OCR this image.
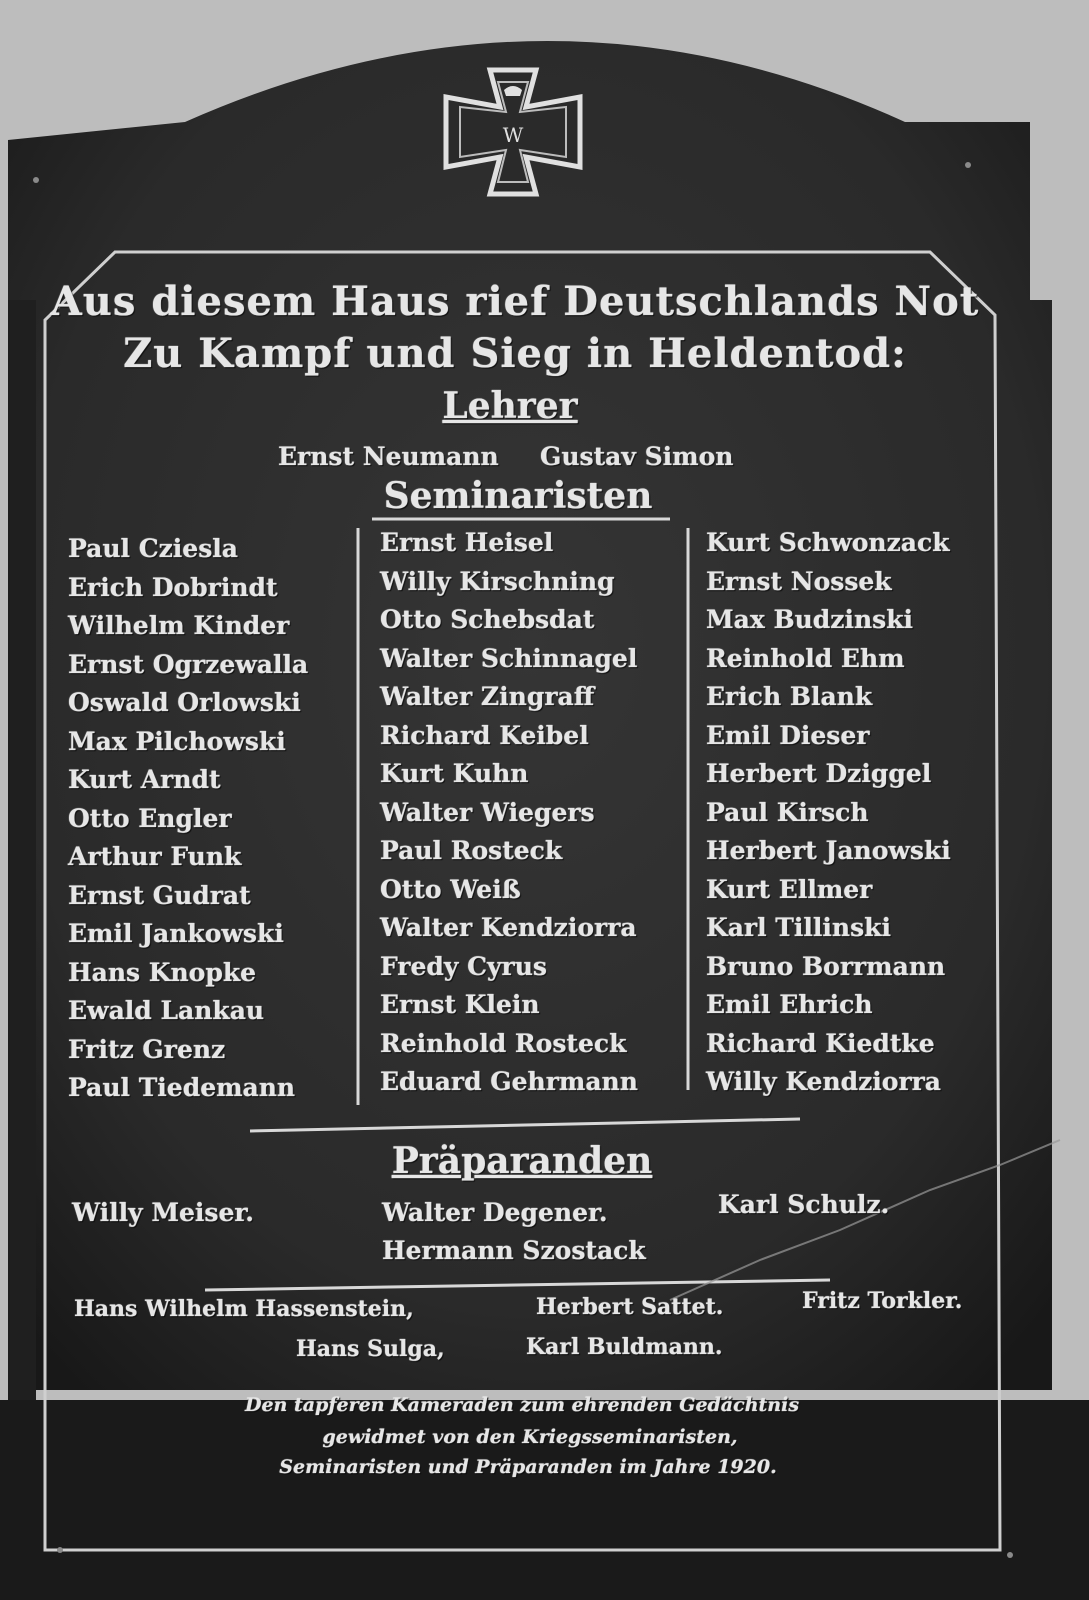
W
Aus diesem Haus rief Deutschlands Not
Zu Kampf und Sieg in Heldentod:
Lehrer
Ernst Neumann Gustav Simon
Seminaristen
Paul Cziesla
Erich Dobrindt
Wilhelm Kinder
Ernst Ogrzewalla
Oswald Orlowski
Max Pilchowski
Kurt Arndt
Otto Engler
Arthur Funk
Ernst Gudrat
Emil Jankowski
Hans Knopke
Ewald Lankau
Fritz Grenz
Paul Tiedemann
Ernst Heisel
Willy Kirschning
Otto Schebsdat
Walter Schinnagel
Walter Zingraff
Richard Keibel
Kurt Kuhn
Walter Wiegers
Paul Rosteck
Otto Weiß
Walter Kendziorra
Fredy Cyrus
Ernst Klein
Reinhold Rosteck
Eduard Gehrmann
Kurt Schwonzack
Ernst Nossek
Max Budzinski
Reinhold Ehm
Erich Blank
Emil Dieser
Herbert Dziggel
Paul Kirsch
Herbert Janowski
Kurt Ellmer
Karl Tillinski
Bruno Borrmann
Emil Ehrich
Richard Kiedtke
Willy Kendziorra
Präparanden
Willy Meiser.	Walter Degener.
Hermann Szostack
Karl Schulz.
Hans Wilhelm Hassenstein,	Herbert Sattet.	Fritz Torkler.
Hans Sulga,	Karl Buldmann.
Den tapferen Kameraden zum ehrenden Gedächtnis
gewidmet von den Kriegsseminaristen,
Seminaristen und Präparanden im Jahre 1920.
